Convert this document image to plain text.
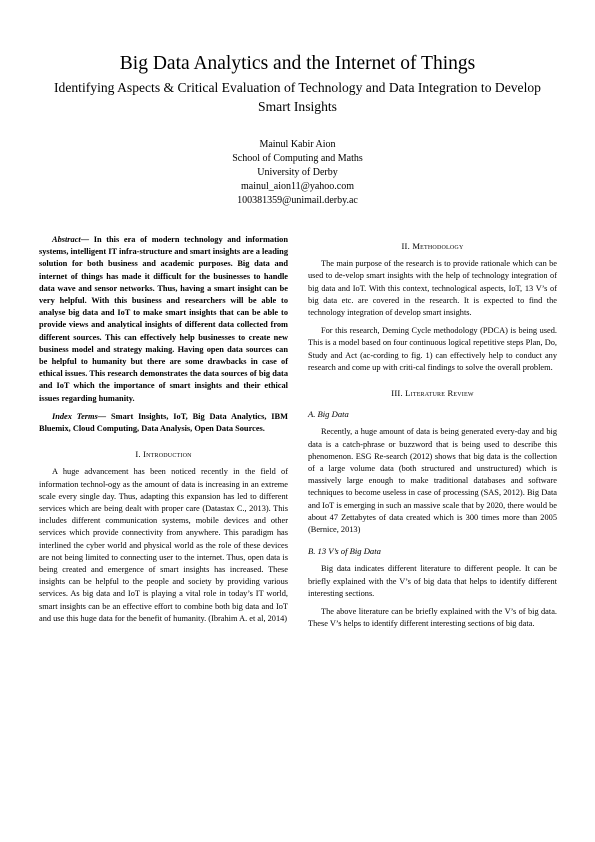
Big Data Analytics and the Internet of Things
Identifying Aspects & Critical Evaluation of Technology and Data Integration to Develop Smart Insights
Mainul Kabir Aion
School of Computing and Maths
University of Derby
mainul_aion11@yahoo.com
100381359@unimail.derby.ac

Abstract— In this era of modern technology and information systems, intelligent IT infra-structure and smart insights are a leading solution for both business and academic purposes. Big data and internet of things has made it difficult for the businesses to handle data wave and sensor networks. Thus, having a smart insight can be very helpful. With this business and researchers will be able to analyse big data and IoT to make smart insights that can be able to provide views and analytical insights of different data collected from different sources. This can effectively help businesses to create new business model and strategy making. Having open data sources can be helpful to humanity but there are some drawbacks in case of ethical issues. This research demonstrates the data sources of big data and IoT which the importance of smart insights and their ethical issues regarding humanity.

Index Terms— Smart Insights, IoT, Big Data Analytics, IBM Bluemix, Cloud Computing, Data Analysis, Open Data Sources.

I. Introduction

A huge advancement has been noticed recently in the field of information technol-ogy as the amount of data is increasing in an extreme scale every single day. Thus, adapting this expansion has led to different services which are being dealt with proper care (Datastax C., 2013). This includes different communication systems, mobile devices and other services which provide connectivity from anywhere. This paradigm has interlined the cyber world and physical world as the role of these devices are not being limited to connecting user to the internet. Thus, open data is being created and emergence of smart insights has increased. These insights can be helpful to the people and society by providing various services. As big data and IoT is playing a vital role in today’s IT world, smart insights can be an effective effort to combine both big data and IoT and use this huge data for the benefit of humanity. (Ibrahim A. et al, 2014)

II. Methodology

The main purpose of the research is to provide rationale which can be used to de-velop smart insights with the help of technology integration of big data and IoT. With this context, technological aspects, IoT, 13 V’s of big data etc. are covered in the research. It is expected to find the technology integration of develop smart insights.

For this research, Deming Cycle methodology (PDCA) is being used. This is a model based on four continuous logical repetitive steps Plan, Do, Study and Act (ac-cording to fig. 1) can effectively help to conduct any research and come up with criti-cal findings to solve the overall problem.

III. Literature Review
A. Big Data

Recently, a huge amount of data is being generated every-day and big data is a catch-phrase or buzzword that is being used to describe this phenomenon. ESG Re-search (2012) shows that big data is the collection of a large volume data (both structured and unstructured) which is massively large enough to make traditional databases and software techniques to become useless in case of processing (SAS, 2012). Big Data and IoT is emerging in such an massive scale that by 2020, there would be about 47 Zettabytes of data created which is 300 times more than 2005 (Bernice, 2013)

B. 13 V’s of Big Data

Big data indicates different literature to different people. It can be briefly explained with the V’s of big data that helps to identify different interesting sections.

The above literature can be briefly explained with the V’s of big data. These V’s helps to identify different interesting sections of big data.
